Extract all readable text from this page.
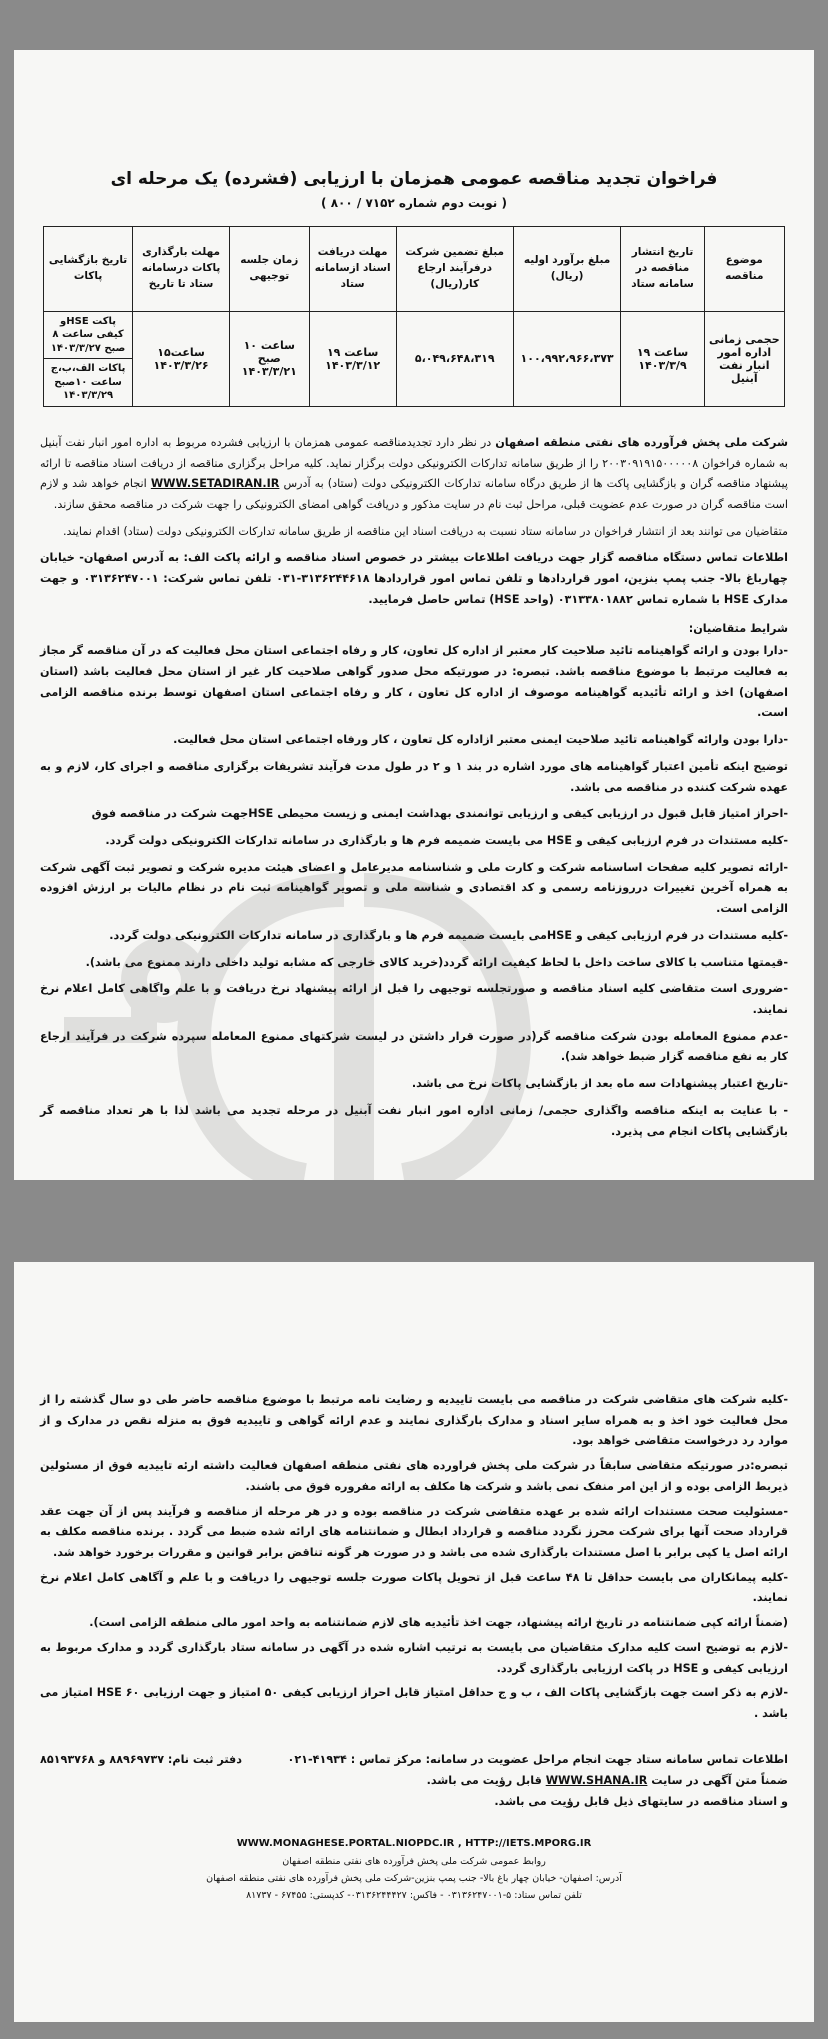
فراخوان تجدید مناقصه عمومی همزمان با ارزیابی (فشرده) یک مرحله ای
( نوبت دوم شماره ۷۱۵۲ / ۸۰۰ )
موضوع مناقصه	تاریخ انتشار مناقصه در سامانه ستاد	مبلغ برآورد اولیه (ریال)	مبلغ تضمین شرکت درفرآیند ارجاع کار(ریال)	مهلت دریافت اسناد ازسامانه ستاد	زمان جلسه توجیهی	مهلت بارگذاری پاکات درسامانه ستاد تا تاریخ	تاریخ بازگشایی پاکات
حجمی زمانی اداره امور انبار نفت آبنیل	ساعت ۱۹ ۱۴۰۳/۳/۹	۱۰۰،۹۹۲،۹۶۶،۳۷۳	۵،۰۴۹،۶۴۸،۳۱۹	ساعت ۱۹ ۱۴۰۳/۳/۱۲	ساعت ۱۰ صبح ۱۴۰۳/۳/۲۱	ساعت۱۵ ۱۴۰۳/۳/۲۶	پاکت HSEو کیفی ساعت ۸ صبح ۱۴۰۳/۳/۲۷
							پاکات الف،ب،ج ساعت ۱۰صبح ۱۴۰۳/۳/۲۹

شرکت ملی پخش فرآورده های نفتی منطقه اصفهان در نظر دارد تجدیدمناقصه عمومی همزمان با ارزیابی فشرده مربوط به اداره امور انبار نفت آبنیل به شماره فراخوان ۲۰۰۳۰۹۱۹۱۵۰۰۰۰۰۸ را از طریق سامانه تدارکات الکترونیکی دولت برگزار نماید. کلیه مراحل برگزاری مناقصه از دریافت اسناد مناقصه تا ارائه پیشنهاد مناقصه گران و بازگشایی پاکت ها از طریق درگاه سامانه تدارکات الکترونیکی دولت (ستاد) به آدرس WWW.SETADIRAN.IR انجام خواهد شد و لازم است مناقصه گران در صورت عدم عضویت قبلی، مراحل ثبت نام در سایت مذکور و دریافت گواهی امضای الکترونیکی را جهت شرکت در مناقصه محقق سازند.

متقاضیان می توانند بعد از انتشار فراخوان در سامانه ستاد نسبت به دریافت اسناد این مناقصه از طریق سامانه تدارکات الکترونیکی دولت (ستاد) اقدام نمایند.

اطلاعات تماس دستگاه مناقصه گزار جهت دریافت اطلاعات بیشتر در خصوص اسناد مناقصه و ارائه پاکت الف: به آدرس اصفهان- خیابان چهارباغ بالا- جنب پمپ بنزین، امور قراردادها و تلفن تماس امور قراردادها ۳۱۳۶۲۴۴۶۱۸-۰۳۱ تلفن تماس شرکت: ۰۳۱۳۶۲۴۷۰۰۱ و جهت مدارک HSE با شماره تماس ۰۳۱۳۳۸۰۱۸۸۲ (واحد HSE) تماس حاصل فرمایید.

شرایط متقاضیان:

-دارا بودن و ارائه گواهینامه تائید صلاحیت کار معتبر از اداره کل تعاون، کار و رفاه اجتماعی استان محل فعالیت که در آن مناقصه گر مجاز به فعالیت مرتبط با موضوع مناقصه باشد. تبصره: در صورتیکه محل صدور گواهی صلاحیت کار غیر از استان محل فعالیت باشد (استان اصفهان) اخذ و ارائه تأئیدیه گواهینامه موصوف از اداره کل تعاون ، کار و رفاه اجتماعی استان اصفهان توسط برنده مناقصه الزامی است.

-دارا بودن وارائه گواهینامه تائید صلاحیت ایمنی معتبر ازاداره کل تعاون ، کار ورفاه اجتماعی استان محل فعالیت.

توضیح اینکه تأمین اعتبار گواهینامه های مورد اشاره در بند ۱ و ۲ در طول مدت فرآیند تشریفات برگزاری مناقصه و اجرای کار، لازم و به عهده شرکت کننده در مناقصه می باشد.

-احراز امتیاز قابل قبول در ارزیابی کیفی و ارزیابی توانمندی بهداشت ایمنی و زیست محیطی HSEجهت شرکت در مناقصه فوق

-کلیه مستندات در فرم ارزیابی کیفی و HSE می بایست ضمیمه فرم ها و بارگذاری در سامانه تدارکات الکترونیکی دولت گردد.

-ارائه تصویر کلیه صفحات اساسنامه شرکت و کارت ملی و شناسنامه مدیرعامل و اعضای هیئت مدیره شرکت و تصویر ثبت آگهی شرکت به همراه آخرین تغییرات درروزنامه رسمی و کد اقتصادی و شناسه ملی و تصویر گواهینامه ثبت نام در نظام مالیات بر ارزش افزوده الزامی است.

-کلیه مستندات در فرم ارزیابی کیفی و HSEمی بایست ضمیمه فرم ها و بارگذاری در سامانه تدارکات الکترونیکی دولت گردد.

-قیمتها متناسب با کالای ساخت داخل با لحاظ کیفیت ارائه گردد(خرید کالای خارجی که مشابه تولید داخلی دارند ممنوع می باشد).

-ضروری است متقاضی کلیه اسناد مناقصه و صورتجلسه توجیهی را قبل از ارائه پیشنهاد نرخ دریافت و با علم واگاهی کامل اعلام نرخ نمایند.

-عدم ممنوع المعامله بودن شرکت مناقصه گر(در صورت قرار داشتن در لیست شرکتهای ممنوع المعامله سپرده شرکت در فرآیند ارجاع کار به نفع مناقصه گزار ضبط خواهد شد).

-تاریخ اعتبار پیشنهادات سه ماه بعد از بازگشایی پاکات نرخ می باشد.

- با عنایت به اینکه مناقصه واگذاری حجمی/ زمانی اداره امور انبار نفت آبنیل در مرحله تجدید می باشد لذا با هر تعداد مناقصه گر بازگشایی پاکات انجام می پذیرد.

-کلیه شرکت های متقاضی شرکت در مناقصه می بایست تاییدیه و رضایت نامه مرتبط با موضوع مناقصه حاضر طی دو سال گذشته را از محل فعالیت خود اخذ و به همراه سایر اسناد و مدارک بارگذاری نمایند و عدم ارائه گواهی و تاییدیه فوق به منزله نقص در مدارک و از موارد رد درخواست متقاضی خواهد بود.

تبصره:در صورتیکه متقاضی سابقاً در شرکت ملی پخش فراورده های نفتی منطقه اصفهان فعالیت داشته ارئه تاییدیه فوق از مسئولین ذیربط الزامی بوده و از این امر منفک نمی باشد و شرکت ها مکلف به ارائه مفروره فوق می باشند.

-مسئولیت صحت مستندات ارائه شده بر عهده متقاضی شرکت در مناقصه بوده و در هر مرحله از مناقصه و فرآیند پس از آن جهت عقد قرارداد صحت آنها برای شرکت محرز نگردد مناقصه و قرارداد ابطال و ضمانتنامه های ارائه شده ضبط می گردد . برنده مناقصه مکلف به ارائه اصل یا کپی برابر با اصل مستندات بارگذاری شده می باشد و در صورت هر گونه تناقض برابر قوانین و مقررات برخورد خواهد شد.

-کلیه پیمانکاران می بایست حداقل تا ۴۸ ساعت قبل از تحویل پاکات صورت جلسه توجیهی را دریافت و با علم و آگاهی کامل اعلام نرخ نمایند.

(ضمناً ارائه کپی ضمانتنامه در تاریخ ارائه پیشنهاد، جهت اخذ تأئیدیه های لازم ضمانتنامه به واحد امور مالی منطقه الزامی است).

-لازم به توضیح است کلیه مدارک متقاضیان می بایست به ترتیب اشاره شده در آگهی در سامانه ستاد بارگذاری گردد و مدارک مربوط به ارزیابی کیفی و HSE در پاکت ارزیابی بارگذاری گردد.

-لازم به ذکر است جهت بازگشایی پاکات الف ، ب و ج حداقل امتیاز قابل احراز ارزیابی کیفی ۵۰ امتیاز و جهت ارزیابی HSE ۶۰ امتیاز می باشد .

اطلاعات تماس سامانه ستاد جهت انجام مراحل عضویت در سامانه: مرکز تماس : ۴۱۹۳۴-۰۲۱
دفتر ثبت نام: ۸۸۹۶۹۷۳۷ و ۸۵۱۹۳۷۶۸
ضمناً متن آگهی در سایت WWW.SHANA.IR قابل رؤیت می باشد.
و اسناد مناقصه در سایتهای ذیل قابل رؤیت می باشد.
WWW.MONAGHESE.PORTAL.NIOPDC.IR , HTTP://IETS.MPORG.IR
روابط عمومی شرکت ملی پخش فرآورده های نفتی منطقه اصفهان
آدرس: اصفهان- خیابان چهار باغ بالا- جنب پمپ بنزین-شرکت ملی پخش فرآورده های نفتی منطقه اصفهان
تلفن تماس ستاد: ۵-۰۳۱۳۶۲۴۷۰۰۱ - فاکس: ۰۳۱۳۶۲۴۴۴۲۷- کدپستی: ۶۷۴۵۵ - ۸۱۷۳۷
